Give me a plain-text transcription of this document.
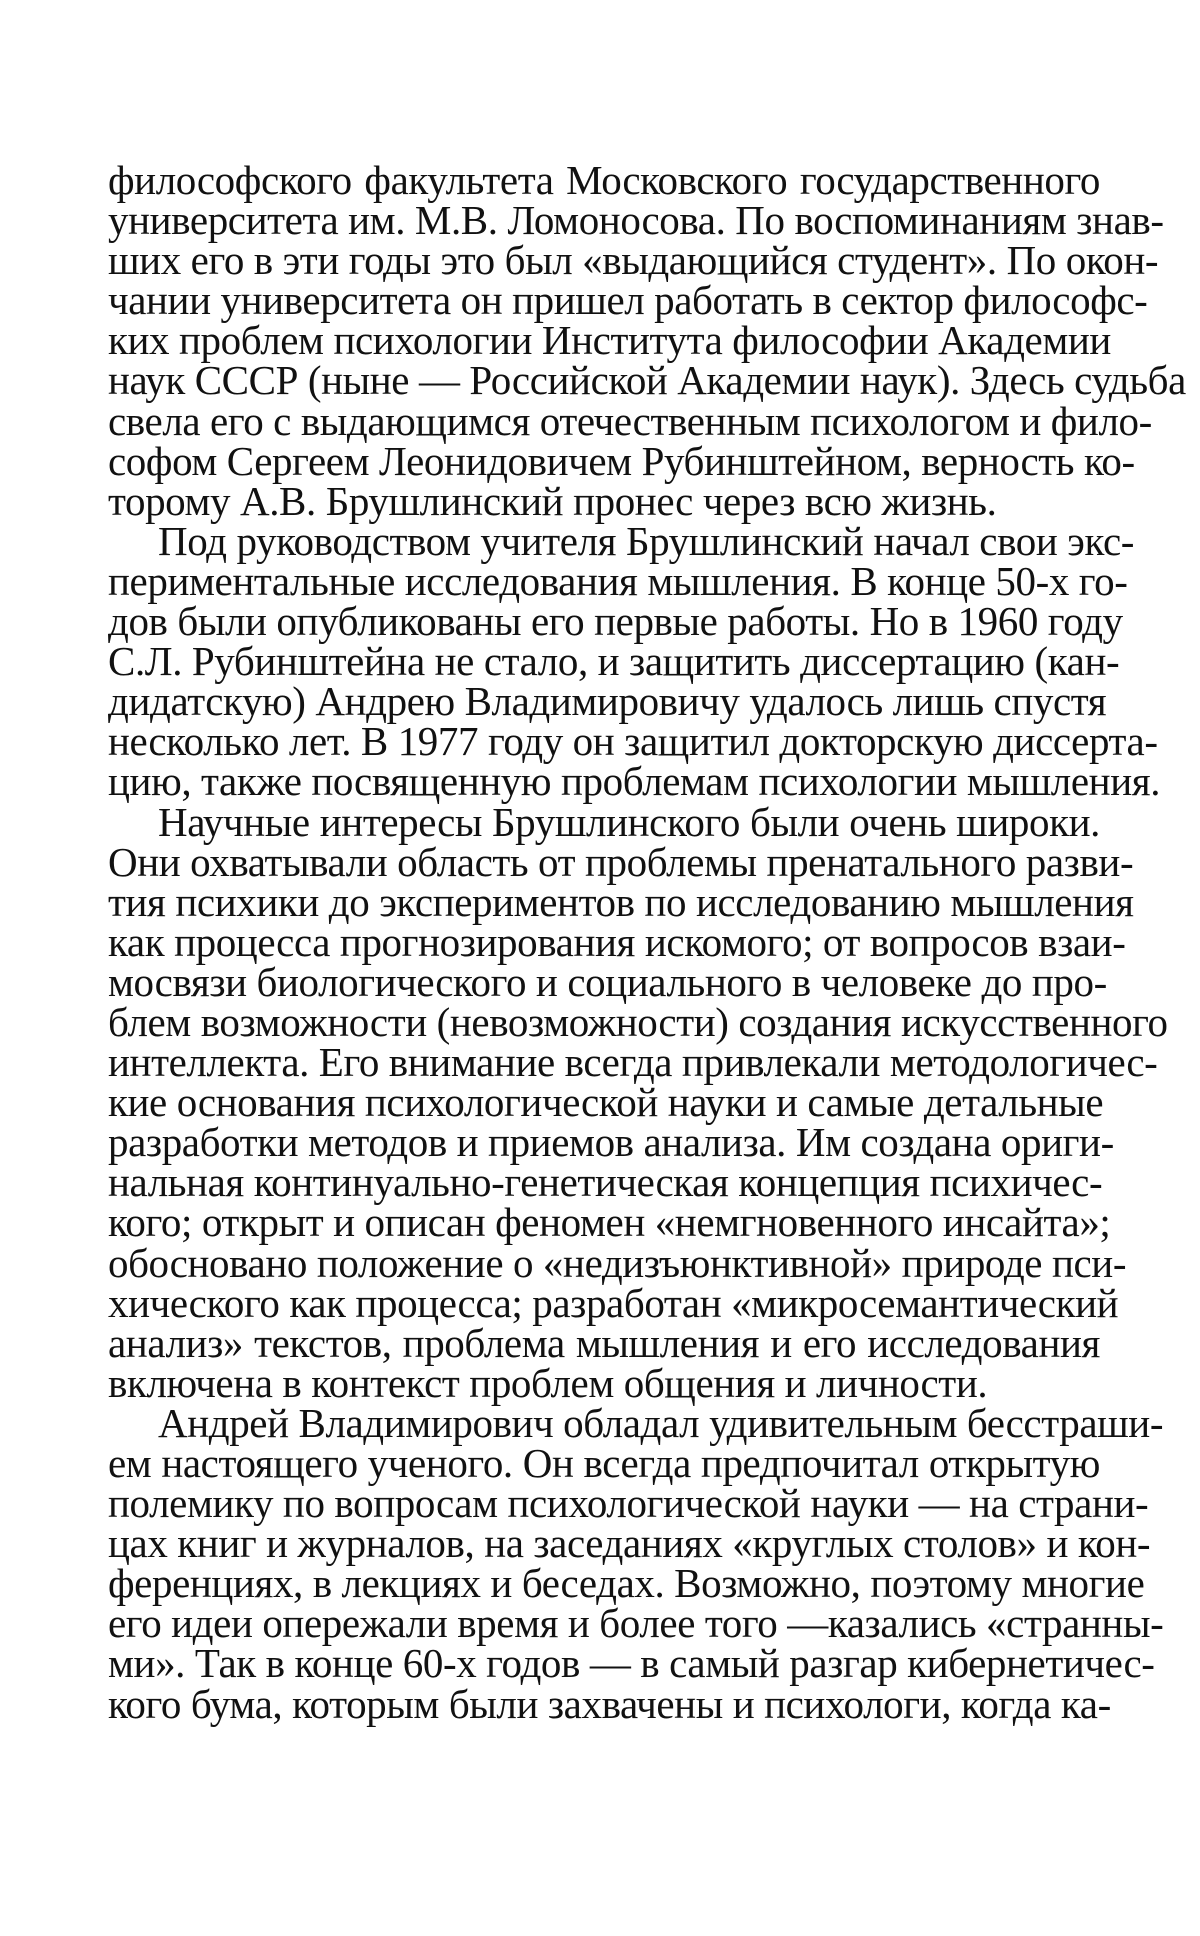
философского факультета Московского государственного
университета им. М.В. Ломоносова. По воспоминаниям знав-
ших его в эти годы это был «выдающийся студент». По окон-
чании университета он пришел работать в сектор философс-
ких проблем психологии Института философии Академии
наук СССР (ныне — Российской Академии наук). Здесь судьба
свела его с выдающимся отечественным психологом и фило-
софом Сергеем Леонидовичем Рубинштейном, верность ко-
торому А.В. Брушлинский пронес через всю жизнь.
Под руководством учителя Брушлинский начал свои экс-
периментальные исследования мышления. В конце 50-х го-
дов были опубликованы его первые работы. Но в 1960 году
С.Л. Рубинштейна не стало, и защитить диссертацию (кан-
дидатскую) Андрею Владимировичу удалось лишь спустя
несколько лет. В 1977 году он защитил докторскую диссерта-
цию, также посвященную проблемам психологии мышления.
Научные интересы Брушлинского были очень широки.
Они охватывали область от проблемы пренатального разви-
тия психики до экспериментов по исследованию мышления
как процесса прогнозирования искомого; от вопросов взаи-
мосвязи биологического и социального в человеке до про-
блем возможности (невозможности) создания искусственного
интеллекта. Его внимание всегда привлекали методологичес-
кие основания психологической науки и самые детальные
разработки методов и приемов анализа. Им создана ориги-
нальная континуально-генетическая концепция психичес-
кого; открыт и описан феномен «немгновенного инсайта»;
обосновано положение о «недизъюнктивной» природе пси-
хического как процесса; разработан «микросемантический
анализ» текстов, проблема мышления и его исследования
включена в контекст проблем общения и личности.
Андрей Владимирович обладал удивительным бесстраши-
ем настоящего ученого. Он всегда предпочитал открытую
полемику по вопросам психологической науки — на страни-
цах книг и журналов, на заседаниях «круглых столов» и кон-
ференциях, в лекциях и беседах. Возможно, поэтому многие
его идеи опережали время и более того —казались «странны-
ми». Так в конце 60-х годов — в самый разгар кибернетичес-
кого бума, которым были захвачены и психологи, когда ка-
